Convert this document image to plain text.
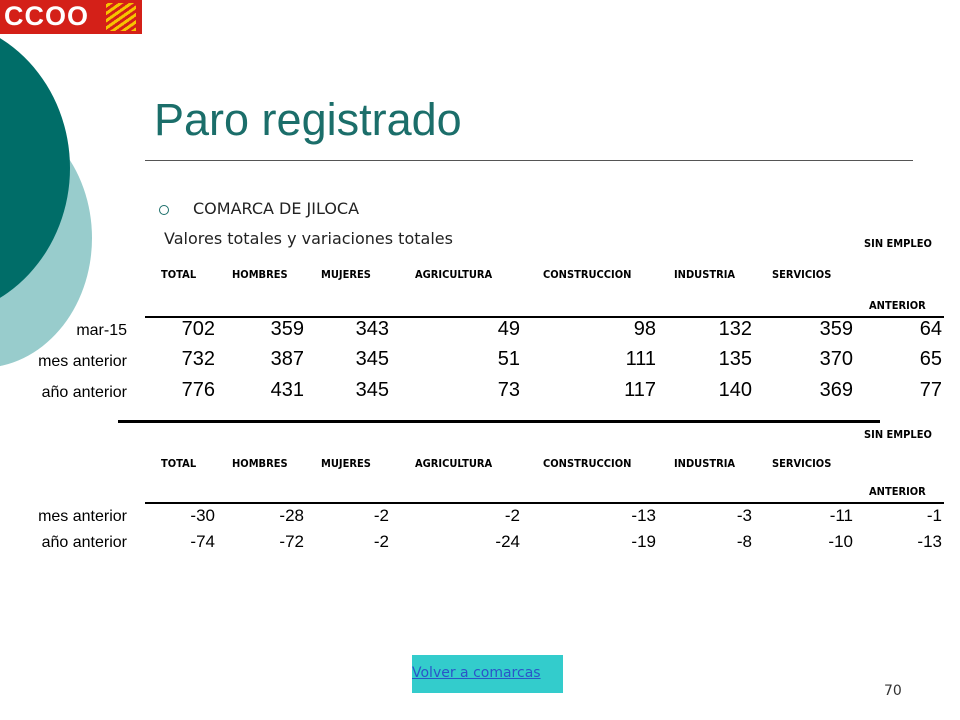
CCOO
Paro registrado
COMARCA DE JILOCA
Valores totales y variaciones totales	SIN EMPLEO
TOTAL	HOMBRES	MUJERES	AGRICULTURA	CONSTRUCCION	INDUSTRIA	SERVICIOS
ANTERIOR
mar-15	702	359	343	49	98	132	359	64
mes anterior	732	387	345	51	111	135	370	65
año anterior	776	431	345	73	117	140	369	77
SIN EMPLEO
TOTAL	HOMBRES	MUJERES	AGRICULTURA	CONSTRUCCION	INDUSTRIA	SERVICIOS
ANTERIOR
mes anterior	-30	-28	-2	-2	-13	-3	-11	-1
año anterior	-74	-72	-2	-24	-19	-8	-10	-13
Volver a comarcas
70
